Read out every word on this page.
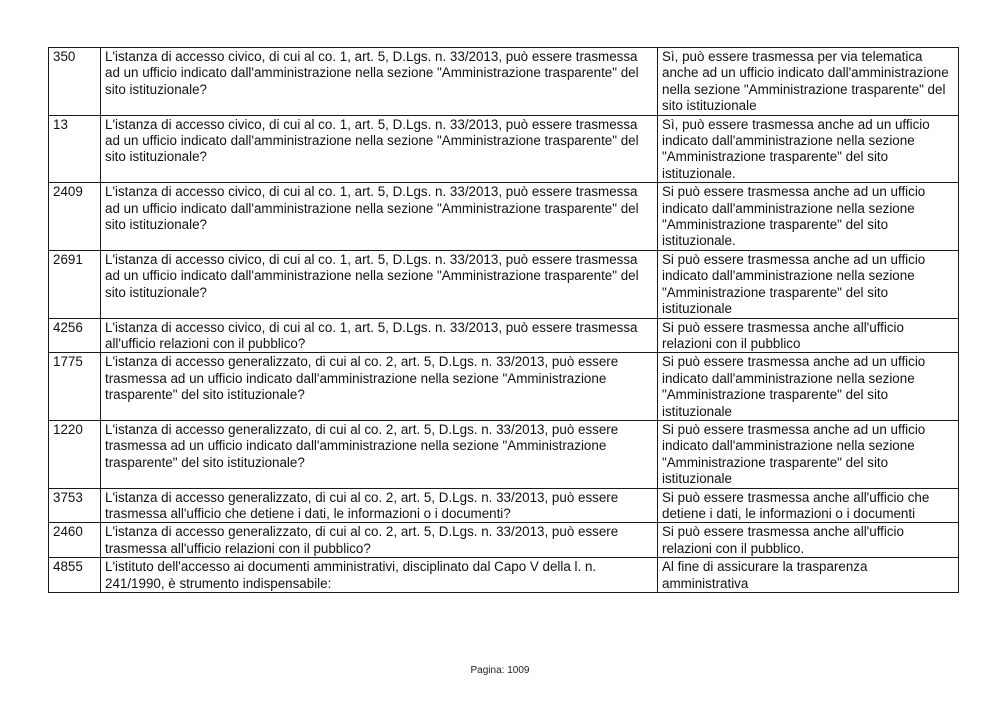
350	L'istanza di accesso civico, di cui al co. 1, art. 5, D.Lgs. n. 33/2013, può essere trasmessa ad un ufficio indicato dall'amministrazione nella sezione "Amministrazione trasparente" del sito istituzionale?	Sì, può essere trasmessa per via telematica anche ad un ufficio indicato dall'amministrazione nella sezione "Amministrazione trasparente" del sito istituzionale
13	L'istanza di accesso civico, di cui al co. 1, art. 5, D.Lgs. n. 33/2013, può essere trasmessa ad un ufficio indicato dall'amministrazione nella sezione "Amministrazione trasparente" del sito istituzionale?	Sì, può essere trasmessa anche ad un ufficio indicato dall'amministrazione nella sezione "Amministrazione trasparente" del sito istituzionale.
2409	L'istanza di accesso civico, di cui al co. 1, art. 5, D.Lgs. n. 33/2013, può essere trasmessa ad un ufficio indicato dall'amministrazione nella sezione "Amministrazione trasparente" del sito istituzionale?	Si può essere trasmessa anche ad un ufficio indicato dall'amministrazione nella sezione "Amministrazione trasparente" del sito istituzionale.
2691	L'istanza di accesso civico, di cui al co. 1, art. 5, D.Lgs. n. 33/2013, può essere trasmessa ad un ufficio indicato dall'amministrazione nella sezione "Amministrazione trasparente" del sito istituzionale?	Si può essere trasmessa anche ad un ufficio indicato dall'amministrazione nella sezione "Amministrazione trasparente" del sito istituzionale
4256	L'istanza di accesso civico, di cui al co. 1, art. 5, D.Lgs. n. 33/2013, può essere trasmessa all'ufficio relazioni con il pubblico?	Si può essere trasmessa anche all'ufficio relazioni con il pubblico
1775	L'istanza di accesso generalizzato, di cui al co. 2, art. 5, D.Lgs. n. 33/2013, può essere trasmessa ad un ufficio indicato dall'amministrazione nella sezione "Amministrazione trasparente" del sito istituzionale?	Si può essere trasmessa anche ad un ufficio indicato dall'amministrazione nella sezione "Amministrazione trasparente" del sito istituzionale
1220	L'istanza di accesso generalizzato, di cui al co. 2, art. 5, D.Lgs. n. 33/2013, può essere trasmessa ad un ufficio indicato dall'amministrazione nella sezione "Amministrazione trasparente" del sito istituzionale?	Si può essere trasmessa anche ad un ufficio indicato dall'amministrazione nella sezione "Amministrazione trasparente" del sito istituzionale
3753	L'istanza di accesso generalizzato, di cui al co. 2, art. 5, D.Lgs. n. 33/2013, può essere trasmessa all'ufficio che detiene i dati, le informazioni o i documenti?	Si può essere trasmessa anche all'ufficio che detiene i dati, le informazioni o i documenti
2460	L'istanza di accesso generalizzato, di cui al co. 2, art. 5, D.Lgs. n. 33/2013, può essere trasmessa all'ufficio relazioni con il pubblico?	Si può essere trasmessa anche all'ufficio relazioni con il pubblico.
4855	L'istituto dell'accesso ai documenti amministrativi, disciplinato dal Capo V della l. n. 241/1990, è strumento indispensabile:	Al fine di assicurare la trasparenza amministrativa
Pagina: 1009
